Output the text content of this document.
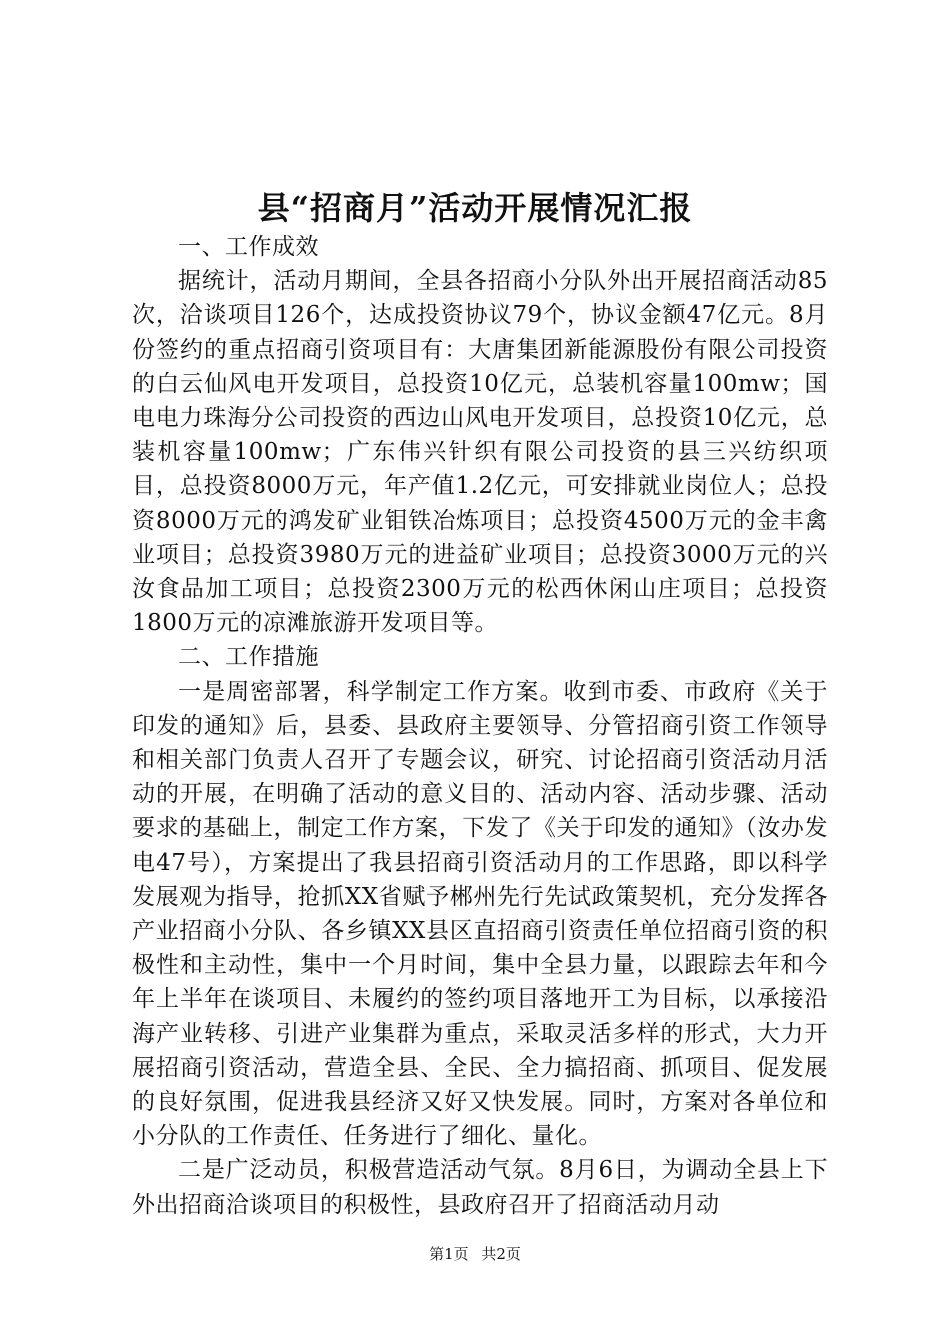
县“招商月”活动开展情况汇报

一、工作成效

据统计，活动月期间，全县各招商小分队外出开展招商活动85次，洽谈项目126个，达成投资协议79个，协议金额47亿元。8月份签约的重点招商引资项目有：大唐集团新能源股份有限公司投资的白云仙风电开发项目，总投资10亿元，总装机容量100mw；国电电力珠海分公司投资的西边山风电开发项目，总投资10亿元，总装机容量100mw；广东伟兴针织有限公司投资的县三兴纺织项目，总投资8000万元，年产值1.2亿元，可安排就业岗位人；总投资8000万元的鸿发矿业钼铁冶炼项目；总投资4500万元的金丰禽业项目；总投资3980万元的进益矿业项目；总投资3000万元的兴汝食品加工项目；总投资2300万元的松西休闲山庄项目；总投资1800万元的凉滩旅游开发项目等。

二、工作措施

一是周密部署，科学制定工作方案。收到市委、市政府《关于印发的通知》后，县委、县政府主要领导、分管招商引资工作领导和相关部门负责人召开了专题会议，研究、讨论招商引资活动月活动的开展，在明确了活动的意义目的、活动内容、活动步骤、活动要求的基础上，制定工作方案，下发了《关于印发的通知》（汝办发电47号），方案提出了我县招商引资活动月的工作思路，即以科学发展观为指导，抢抓XX省赋予郴州先行先试政策契机，充分发挥各产业招商小分队、各乡镇XX县区直招商引资责任单位招商引资的积极性和主动性，集中一个月时间，集中全县力量，以跟踪去年和今年上半年在谈项目、未履约的签约项目落地开工为目标，以承接沿海产业转移、引进产业集群为重点，采取灵活多样的形式，大力开展招商引资活动，营造全县、全民、全力搞招商、抓项目、促发展的良好氛围，促进我县经济又好又快发展。同时，方案对各单位和小分队的工作责任、任务进行了细化、量化。

二是广泛动员，积极营造活动气氛。8月6日，为调动全县上下外出招商洽谈项目的积极性，县政府召开了招商活动月动

第1页 共2页
